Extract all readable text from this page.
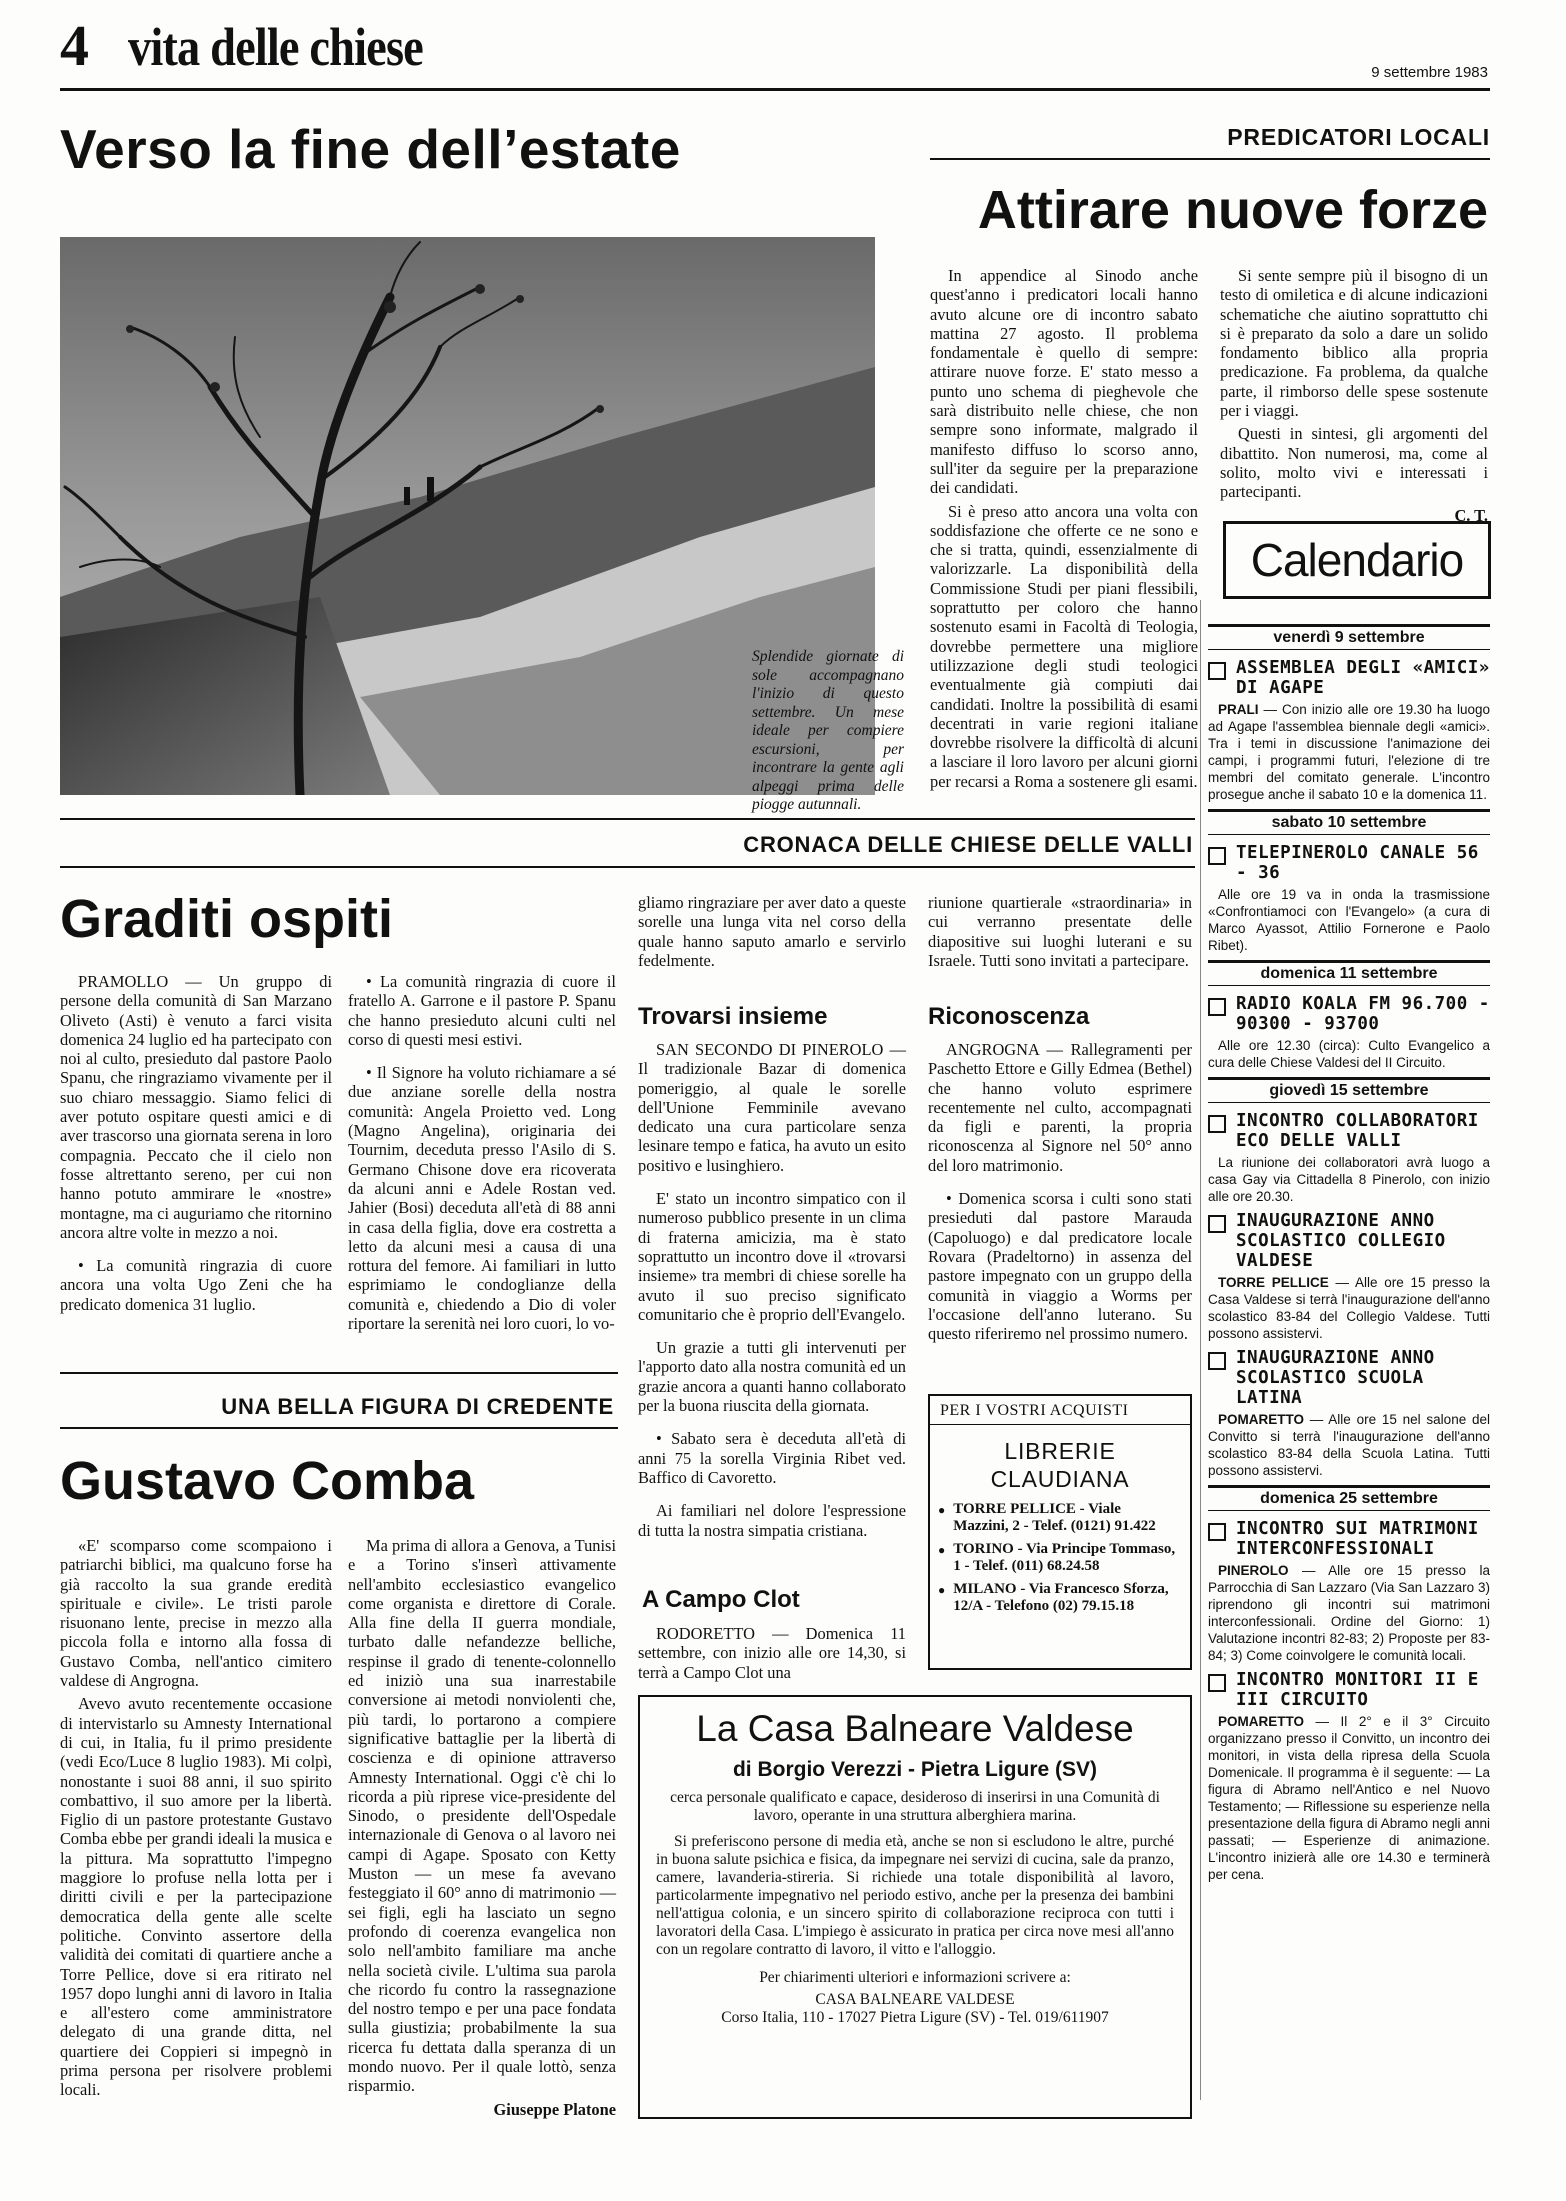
4 vita delle chiese	9 settembre 1983
Verso la fine dell’estate
Splendide giornate di sole accompagnano l'inizio di questo settembre. Un mese ideale per compiere escursioni, per incontrare la gente agli alpeggi prima delle piogge autunnali.
PREDICATORI LOCALI
Attirare nuove forze

In appendice al Sinodo anche quest'anno i predicatori locali hanno avuto alcune ore di incontro sabato mattina 27 agosto. Il problema fondamentale è quello di sempre: attirare nuove forze. E' stato messo a punto uno schema di pieghevole che sarà distribuito nelle chiese, che non sempre sono informate, malgrado il manifesto diffuso lo scorso anno, sull'iter da seguire per la preparazione dei candidati.

Si è preso atto ancora una volta con soddisfazione che offerte ce ne sono e che si tratta, quindi, essenzialmente di valorizzarle. La disponibilità della Commissione Studi per piani flessibili, soprattutto per coloro che hanno sostenuto esami in Facoltà di Teologia, dovrebbe permettere una migliore utilizzazione degli studi teologici eventualmente già compiuti dai candidati. Inoltre la possibilità di esami decentrati in varie regioni italiane dovrebbe risolvere la difficoltà di alcuni a lasciare il loro lavoro per alcuni giorni per recarsi a Roma a sostenere gli esami.

Si sente sempre più il bisogno di un testo di omiletica e di alcune indicazioni schematiche che aiutino soprattutto chi si è preparato da solo a dare un solido fondamento biblico alla propria predicazione. Fa problema, da qualche parte, il rimborso delle spese sostenute per i viaggi.

Questi in sintesi, gli argomenti del dibattito. Non numerosi, ma, come al solito, molto vivi e interessati i partecipanti.

C. T.
Calendario
venerdì 9 settembre
ASSEMBLEA DEGLI «AMICI» DI AGAPE
PRALI — Con inizio alle ore 19.30 ha luogo ad Agape l'assemblea biennale degli «amici». Tra i temi in discussione l'animazione dei campi, i programmi futuri, l'elezione di tre membri del comitato generale. L'incontro prosegue anche il sabato 10 e la domenica 11.
sabato 10 settembre
TELEPINEROLO CANALE 56 - 36
Alle ore 19 va in onda la trasmissione «Confrontiamoci con l'Evangelo» (a cura di Marco Ayassot, Attilio Fornerone e Paolo Ribet).
domenica 11 settembre
RADIO KOALA FM 96.700 - 90300 - 93700
Alle ore 12.30 (circa): Culto Evangelico a cura delle Chiese Valdesi del II Circuito.
giovedì 15 settembre
INCONTRO COLLABORATORI ECO DELLE VALLI
La riunione dei collaboratori avrà luogo a casa Gay via Cittadella 8 Pinerolo, con inizio alle ore 20.30.
INAUGURAZIONE ANNO SCOLASTICO COLLEGIO VALDESE
TORRE PELLICE — Alle ore 15 presso la Casa Valdese si terrà l'inaugurazione dell'anno scolastico 83-84 del Collegio Valdese. Tutti possono assistervi.
INAUGURAZIONE ANNO SCOLASTICO SCUOLA LATINA
POMARETTO — Alle ore 15 nel salone del Convitto si terrà l'inaugurazione dell'anno scolastico 83-84 della Scuola Latina. Tutti possono assistervi.
domenica 25 settembre
INCONTRO SUI MATRIMONI INTERCONFESSIONALI
PINEROLO — Alle ore 15 presso la Parrocchia di San Lazzaro (Via San Lazzaro 3) riprendono gli incontri sui matrimoni interconfessionali. Ordine del Giorno: 1) Valutazione incontri 82-83; 2) Proposte per 83-84; 3) Come coinvolgere le comunità locali.
INCONTRO MONITORI II E III CIRCUITO
POMARETTO — Il 2° e il 3° Circuito organizzano presso il Convitto, un incontro dei monitori, in vista della ripresa della Scuola Domenicale. Il programma è il seguente: — La figura di Abramo nell'Antico e nel Nuovo Testamento; — Riflessione su esperienze nella presentazione della figura di Abramo negli anni passati; — Esperienze di animazione. L'incontro inizierà alle ore 14.30 e terminerà per cena.
CRONACA DELLE CHIESE DELLE VALLI
Graditi ospiti

PRAMOLLO — Un gruppo di persone della comunità di San Marzano Oliveto (Asti) è venuto a farci visita domenica 24 luglio ed ha partecipato con noi al culto, presieduto dal pastore Paolo Spanu, che ringraziamo vivamente per il suo chiaro messaggio. Siamo felici di aver potuto ospitare questi amici e di aver trascorso una giornata serena in loro compagnia. Peccato che il cielo non fosse altrettanto sereno, per cui non hanno potuto ammirare le «nostre» montagne, ma ci auguriamo che ritornino ancora altre volte in mezzo a noi.

• La comunità ringrazia di cuore ancora una volta Ugo Zeni che ha predicato domenica 31 luglio.

• La comunità ringrazia di cuore il fratello A. Garrone e il pastore P. Spanu che hanno presieduto alcuni culti nel corso di questi mesi estivi.

• Il Signore ha voluto richiamare a sé due anziane sorelle della nostra comunità: Angela Proietto ved. Long (Magno Angelina), originaria dei Tournim, deceduta presso l'Asilo di S. Germano Chisone dove era ricoverata da alcuni anni e Adele Rostan ved. Jahier (Bosi) deceduta all'età di 88 anni in casa della figlia, dove era costretta a letto da alcuni mesi a causa di una rottura del femore. Ai familiari in lutto esprimiamo le condoglianze della comunità e, chiedendo a Dio di voler riportare la serenità nei loro cuori, lo vo-

gliamo ringraziare per aver dato a queste sorelle una lunga vita nel corso della quale hanno saputo amarlo e servirlo fedelmente.

riunione quartierale «straordinaria» in cui verranno presentate delle diapositive sui luoghi luterani e su Israele. Tutti sono invitati a partecipare.

Trovarsi insieme

SAN SECONDO DI PINEROLO — Il tradizionale Bazar di domenica pomeriggio, al quale le sorelle dell'Unione Femminile avevano dedicato una cura particolare senza lesinare tempo e fatica, ha avuto un esito positivo e lusinghiero.

E' stato un incontro simpatico con il numeroso pubblico presente in un clima di fraterna amicizia, ma è stato soprattutto un incontro dove il «trovarsi insieme» tra membri di chiese sorelle ha avuto il suo preciso significato comunitario che è proprio dell'Evangelo.

Un grazie a tutti gli intervenuti per l'apporto dato alla nostra comunità ed un grazie ancora a quanti hanno collaborato per la buona riuscita della giornata.

• Sabato sera è deceduta all'età di anni 75 la sorella Virginia Ribet ved. Baffico di Cavoretto.

Ai familiari nel dolore l'espressione di tutta la nostra simpatia cristiana.

Riconoscenza

ANGROGNA — Rallegramenti per Paschetto Ettore e Gilly Edmea (Bethel) che hanno voluto esprimere recentemente nel culto, accompagnati da figli e parenti, la propria riconoscenza al Signore nel 50° anno del loro matrimonio.

• Domenica scorsa i culti sono stati presieduti dal pastore Marauda (Capoluogo) e dal predicatore locale Rovara (Pradeltorno) in assenza del pastore impegnato con un gruppo della comunità in viaggio a Worms per l'occasione dell'anno luterano. Su questo riferiremo nel prossimo numero.

PER I VOSTRI ACQUISTI
LIBRERIE CLAUDIANA
● TORRE PELLICE - Viale Mazzini, 2 - Telef. (0121) 91.422
● TORINO - Via Principe Tommaso, 1 - Telef. (011) 68.24.58
● MILANO - Via Francesco Sforza, 12/A - Telefono (02) 79.15.18
A Campo Clot

RODORETTO — Domenica 11 settembre, con inizio alle ore 14,30, si terrà a Campo Clot una

UNA BELLA FIGURA DI CREDENTE
Gustavo Comba

«E' scomparso come scompaiono i patriarchi biblici, ma qualcuno forse ha già raccolto la sua grande eredità spirituale e civile». Le tristi parole risuonano lente, precise in mezzo alla piccola folla e intorno alla fossa di Gustavo Comba, nell'antico cimitero valdese di Angrogna.

Avevo avuto recentemente occasione di intervistarlo su Amnesty International di cui, in Italia, fu il primo presidente (vedi Eco/Luce 8 luglio 1983). Mi colpì, nonostante i suoi 88 anni, il suo spirito combattivo, il suo amore per la libertà. Figlio di un pastore protestante Gustavo Comba ebbe per grandi ideali la musica e la pittura. Ma soprattutto l'impegno maggiore lo profuse nella lotta per i diritti civili e per la partecipazione democratica della gente alle scelte politiche. Convinto assertore della validità dei comitati di quartiere anche a Torre Pellice, dove si era ritirato nel 1957 dopo lunghi anni di lavoro in Italia e all'estero come amministratore delegato di una grande ditta, nel quartiere dei Coppieri si impegnò in prima persona per risolvere problemi locali.

Ma prima di allora a Genova, a Tunisi e a Torino s'inserì attivamente nell'ambito ecclesiastico evangelico come organista e direttore di Corale. Alla fine della II guerra mondiale, turbato dalle nefandezze belliche, respinse il grado di tenente-colonnello ed iniziò una sua inarrestabile conversione ai metodi nonviolenti che, più tardi, lo portarono a compiere significative battaglie per la libertà di coscienza e di opinione attraverso Amnesty International. Oggi c'è chi lo ricorda a più riprese vice-presidente del Sinodo, o presidente dell'Ospedale internazionale di Genova o al lavoro nei campi di Agape. Sposato con Ketty Muston — un mese fa avevano festeggiato il 60° anno di matrimonio — sei figli, egli ha lasciato un segno profondo di coerenza evangelica non solo nell'ambito familiare ma anche nella società civile. L'ultima sua parola che ricordo fu contro la rassegnazione del nostro tempo e per una pace fondata sulla giustizia; probabilmente la sua ricerca fu dettata dalla speranza di un mondo nuovo. Per il quale lottò, senza risparmio.

Giuseppe Platone
La Casa Balneare Valdese
di Borgio Verezzi - Pietra Ligure (SV)

cerca personale qualificato e capace, desideroso di inserirsi in una Comunità di lavoro, operante in una struttura alberghiera marina.

Si preferiscono persone di media età, anche se non si escludono le altre, purché in buona salute psichica e fisica, da impegnare nei servizi di cucina, sale da pranzo, camere, lavanderia-stireria. Si richiede una totale disponibilità al lavoro, particolarmente impegnativo nel periodo estivo, anche per la presenza dei bambini nell'attigua colonia, e un sincero spirito di collaborazione reciproca con tutti i lavoratori della Casa. L'impiego è assicurato in pratica per circa nove mesi all'anno con un regolare contratto di lavoro, il vitto e l'alloggio.

Per chiarimenti ulteriori e informazioni scrivere a:

CASA BALNEARE VALDESE

Corso Italia, 110 - 17027 Pietra Ligure (SV) - Tel. 019/611907
